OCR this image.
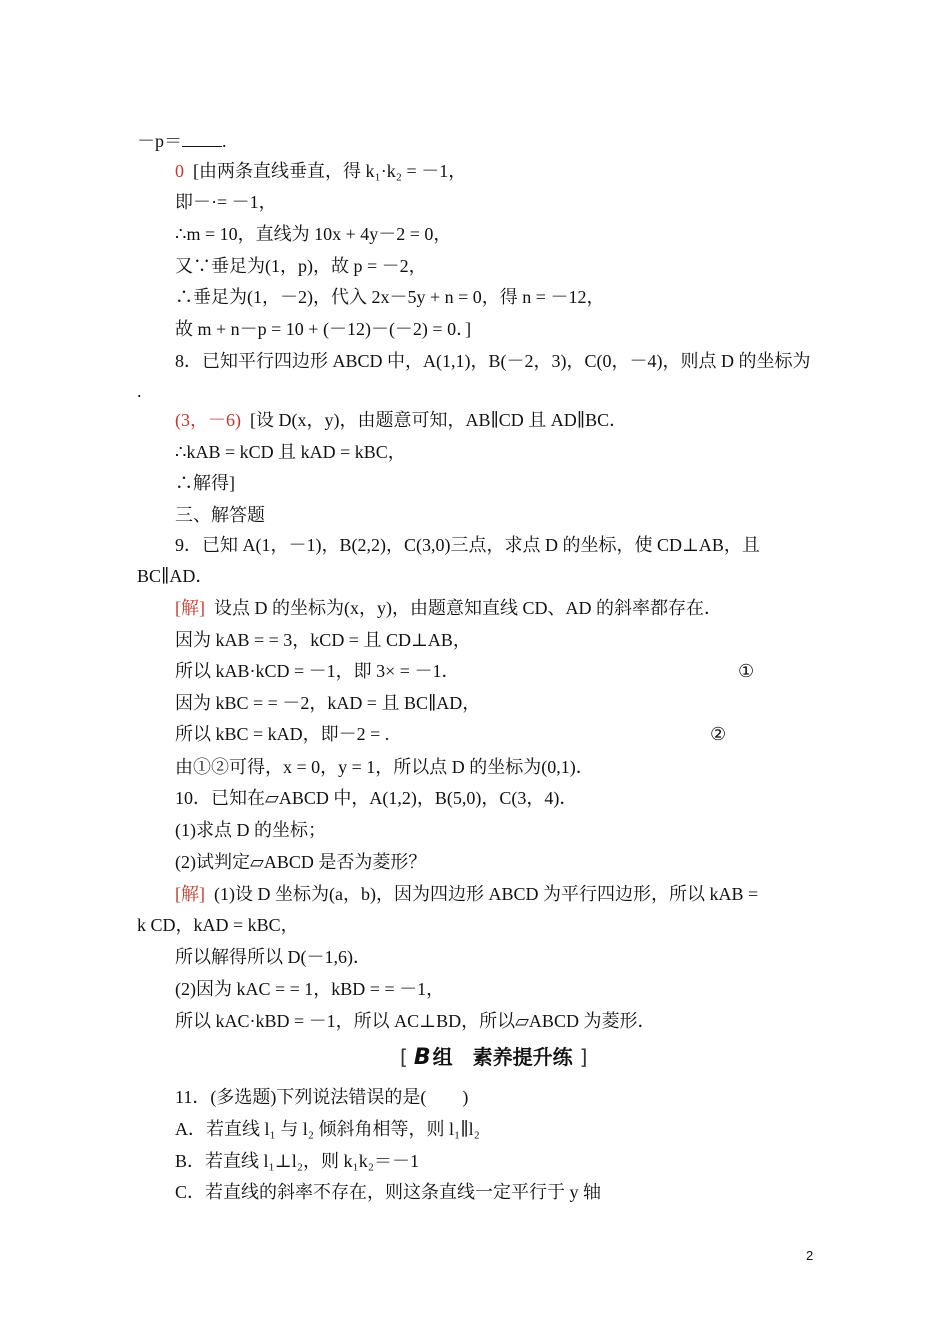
－p＝ .
0 [由两条直线垂直，得 k₁·k₂ = －1，
即－·= －1，
∴m = 10，直线为 10x + 4y－2 = 0，
又∵垂足为(1，p)，故 p = －2，
∴垂足为(1，－2)，代入 2x－5y + n = 0，得 n = －12，
故 m + n－p = 10 + (－12)－(－2) = 0．]
8．已知平行四边形 ABCD 中，A(1,1)，B(－2，3)，C(0，－4)，则点 D 的坐标为
.
(3，－6) [设 D(x，y)，由题意可知，AB∥CD 且 AD∥BC．
∴kAB = kCD 且 kAD = kBC，
∴解得]
三、解答题
9．已知 A(1，－1)，B(2,2)，C(3,0)三点，求点 D 的坐标，使 CD⊥AB，且
BC∥AD．
[解] 设点 D 的坐标为(x，y)，由题意知直线 CD、AD 的斜率都存在．
因为 kAB = = 3，kCD = 且 CD⊥AB，
所以 kAB·kCD = －1，即 3× = －1．	①
因为 kBC = = －2，kAD = 且 BC∥AD，
所以 kBC = kAD，即－2 = .	②
由①②可得，x = 0，y = 1，所以点 D 的坐标为(0,1)．
10．已知在▱ABCD 中，A(1,2)，B(5,0)，C(3，4)．
(1)求点 D 的坐标；
(2)试判定▱ABCD 是否为菱形？
[解] (1)设 D 坐标为(a，b)，因为四边形 ABCD 为平行四边形，所以 kAB =
k CD，kAD = kBC，
所以解得所以 D(－1,6)．
(2)因为 kAC = = 1，kBD = = －1，
所以 kAC·kBD = －1，所以 AC⊥BD，所以▱ABCD 为菱形．
[ B 组　素养提升练 ]
11．(多选题)下列说法错误的是(　　)
A．若直线 l₁ 与 l₂ 倾斜角相等，则 l₁∥l₂
B．若直线 l₁⊥l₂，则 k₁k₂＝－1
C．若直线的斜率不存在，则这条直线一定平行于 y 轴
2
